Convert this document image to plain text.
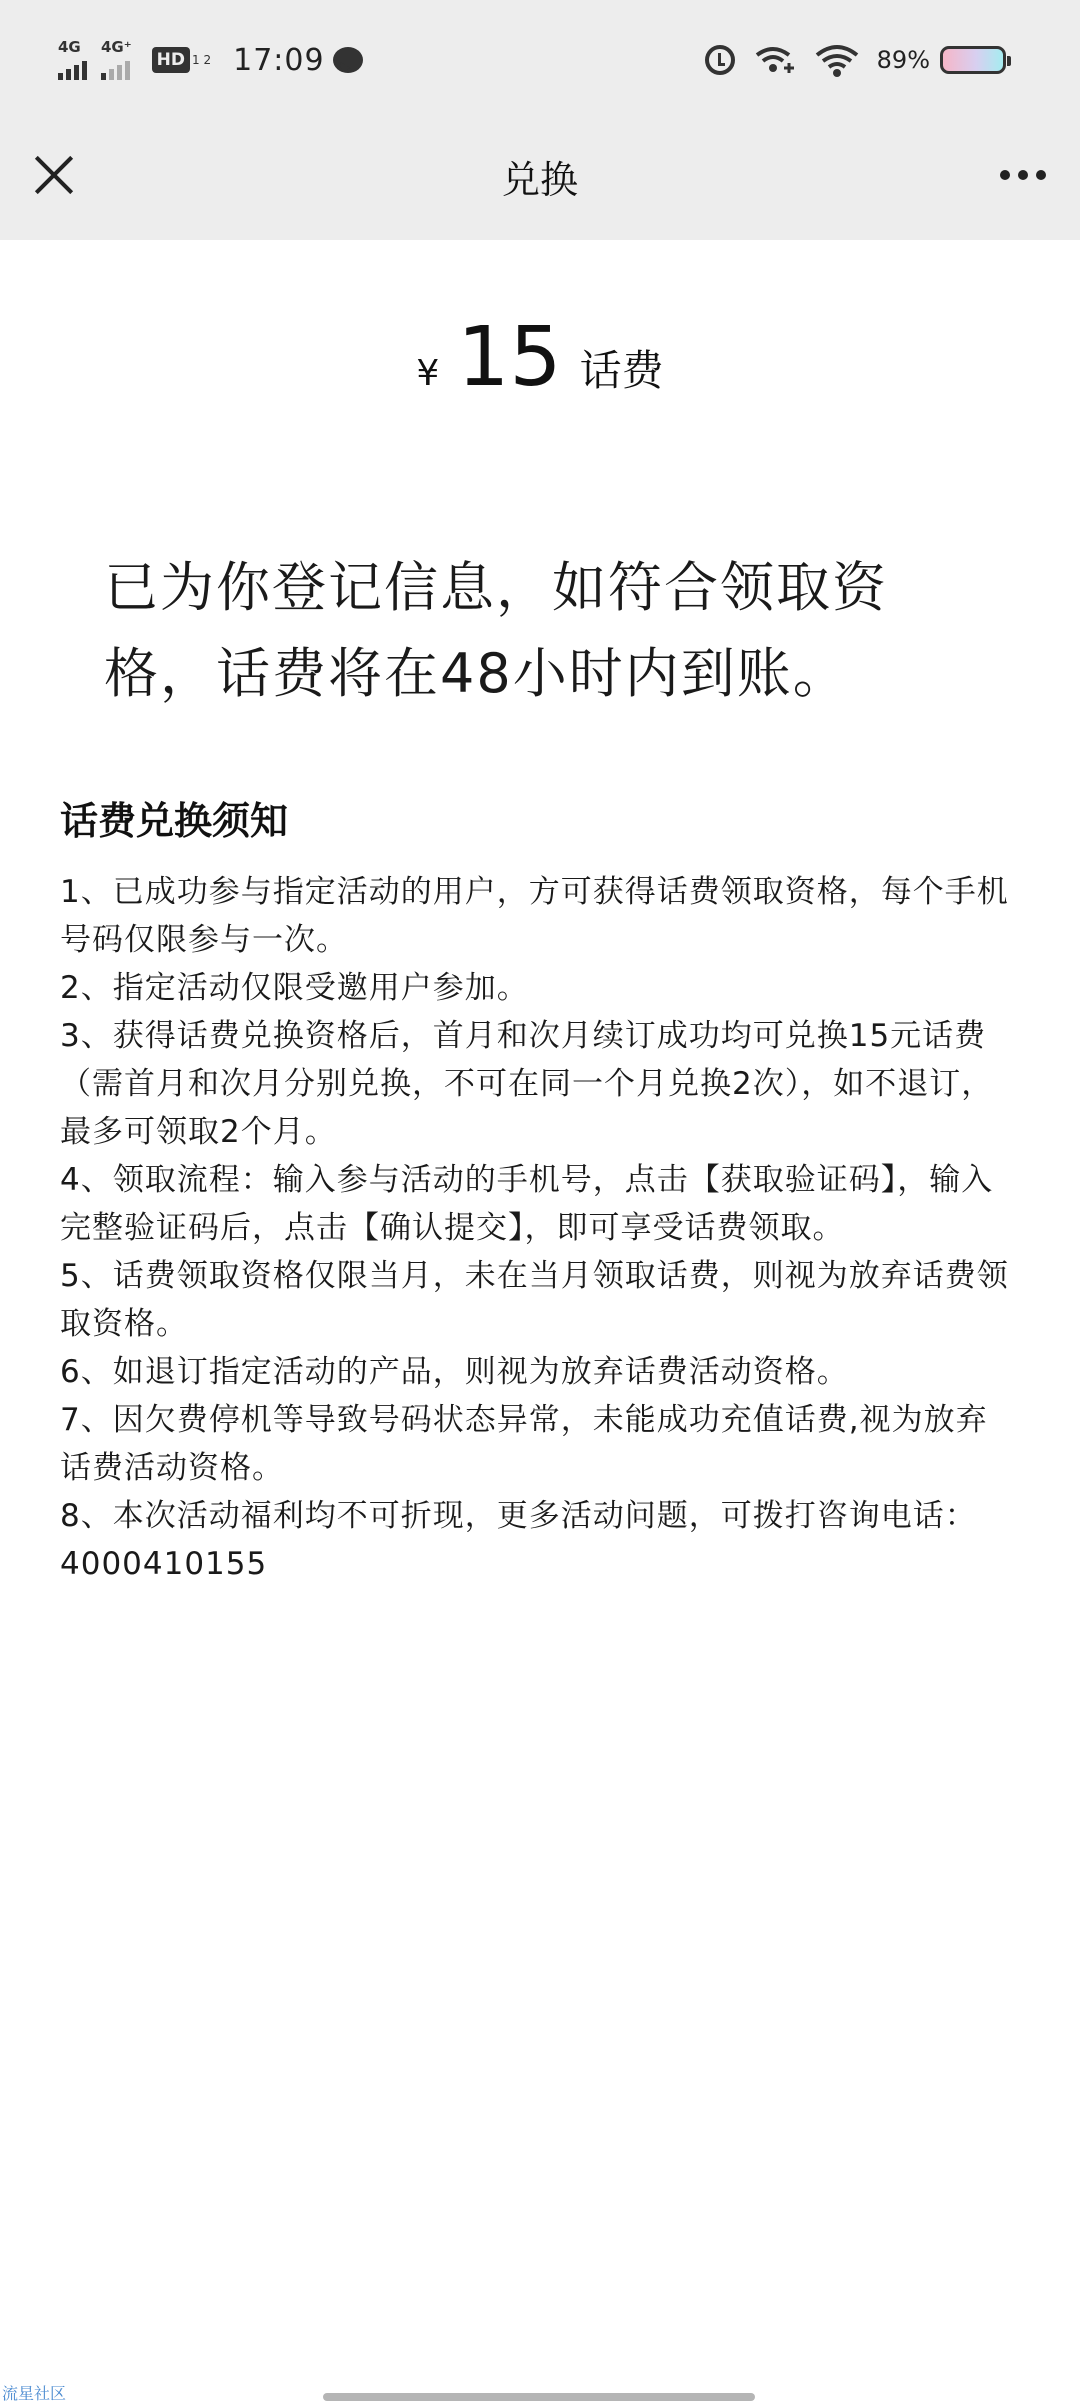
4G 4G⁺
HD 1 2 17:09	89%
兑换
¥ 15 话费
已为你登记信息，如符合领取资格，话费将在48小时内到账。
话费兑换须知

1、已成功参与指定活动的用户，方可获得话费领取资格，每个手机号码仅限参与一次。

2、指定活动仅限受邀用户参加。

3、获得话费兑换资格后，首月和次月续订成功均可兑换15元话费（需首月和次月分别兑换，不可在同一个月兑换2次），如不退订，最多可领取2个月。

4、领取流程：输入参与活动的手机号，点击【获取验证码】，输入完整验证码后，点击【确认提交】，即可享受话费领取。

5、话费领取资格仅限当月，未在当月领取话费，则视为放弃话费领取资格。

6、如退订指定活动的产品，则视为放弃话费活动资格。

7、因欠费停机等导致号码状态异常，未能成功充值话费,视为放弃话费活动资格。

8、本次活动福利均不可折现，更多活动问题，可拨打咨询电话：4000410155

流星社区
